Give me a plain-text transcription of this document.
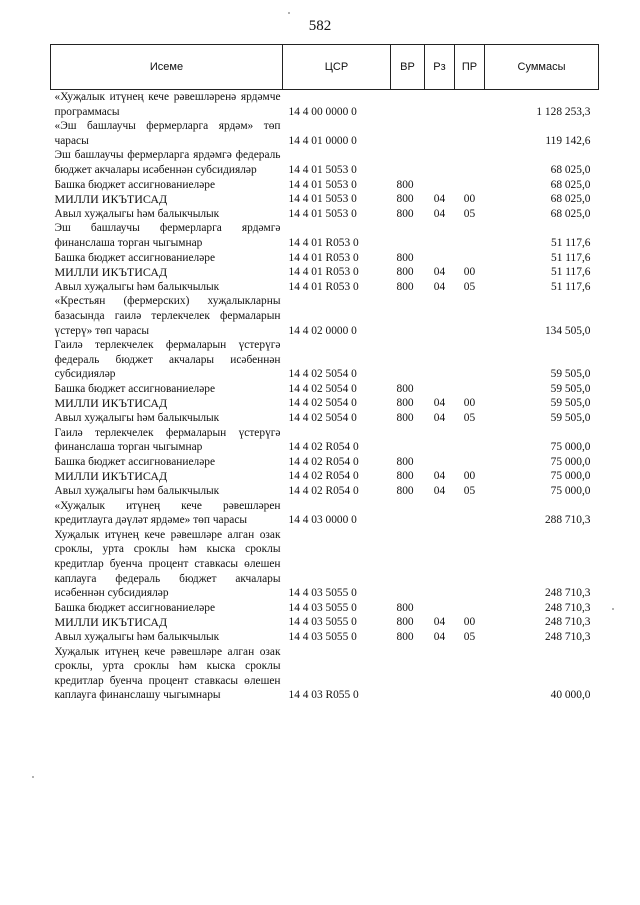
582
Исеме	ЦСР	ВР	Рз	ПР	Суммасы
«Хуҗалык итүнең кече рәвешләренә ярдәмче программасы	14 4 00 0000 0				1 128 253,3
«Эш башлаучы фермерларга ярдәм» төп чарасы	14 4 01 0000 0				119 142,6
Эш башлаучы фермерларга ярдәмгә федераль бюджет акчалары исәбеннән субсидияләр	14 4 01 5053 0				68 025,0
Башка бюджет ассигнованиеләре	14 4 01 5053 0	800			68 025,0
МИЛЛИ ИКЪТИСАД	14 4 01 5053 0	800	04	00	68 025,0
Авыл хуҗалыгы һәм балыкчылык	14 4 01 5053 0	800	04	05	68 025,0
Эш башлаучы фермерларга ярдәмгә финанслаша торган чыгымнар	14 4 01 R053 0				51 117,6
Башка бюджет ассигнованиеләре	14 4 01 R053 0	800			51 117,6
МИЛЛИ ИКЪТИСАД	14 4 01 R053 0	800	04	00	51 117,6
Авыл хуҗалыгы һәм балыкчылык	14 4 01 R053 0	800	04	05	51 117,6
«Крестьян (фермерских) хуҗалыкларны базасында гаилә терлекчелек фермаларын үстерү» төп чарасы	14 4 02 0000 0				134 505,0
Гаилә терлекчелек фермаларын үстерүгә федераль бюджет акчалары исәбеннән субсидияләр	14 4 02 5054 0				59 505,0
Башка бюджет ассигнованиеләре	14 4 02 5054 0	800			59 505,0
МИЛЛИ ИКЪТИСАД	14 4 02 5054 0	800	04	00	59 505,0
Авыл хуҗалыгы һәм балыкчылык	14 4 02 5054 0	800	04	05	59 505,0
Гаилә терлекчелек фермаларын үстерүгә финанслаша торган чыгымнар	14 4 02 R054 0				75 000,0
Башка бюджет ассигнованиеләре	14 4 02 R054 0	800			75 000,0
МИЛЛИ ИКЪТИСАД	14 4 02 R054 0	800	04	00	75 000,0
Авыл хуҗалыгы һәм балыкчылык	14 4 02 R054 0	800	04	05	75 000,0
«Хуҗалык итүнең кече рәвешләрен кредитлауга дәүләт ярдәме» төп чарасы	14 4 03 0000 0				288 710,3
Хуҗалык итүнең кече рәвешләре алган озак сроклы, урта сроклы һәм кыска сроклы кредитлар буенча процент ставкасы өлешен каплауга федераль бюджет акчалары исәбеннән субсидияләр	14 4 03 5055 0				248 710,3
Башка бюджет ассигнованиеләре	14 4 03 5055 0	800			248 710,3
МИЛЛИ ИКЪТИСАД	14 4 03 5055 0	800	04	00	248 710,3
Авыл хуҗалыгы һәм балыкчылык	14 4 03 5055 0	800	04	05	248 710,3
Хуҗалык итүнең кече рәвешләре алган озак сроклы, урта сроклы һәм кыска сроклы кредитлар буенча процент ставкасы өлешен каплауга финанслашу чыгымнары	14 4 03 R055 0				40 000,0
